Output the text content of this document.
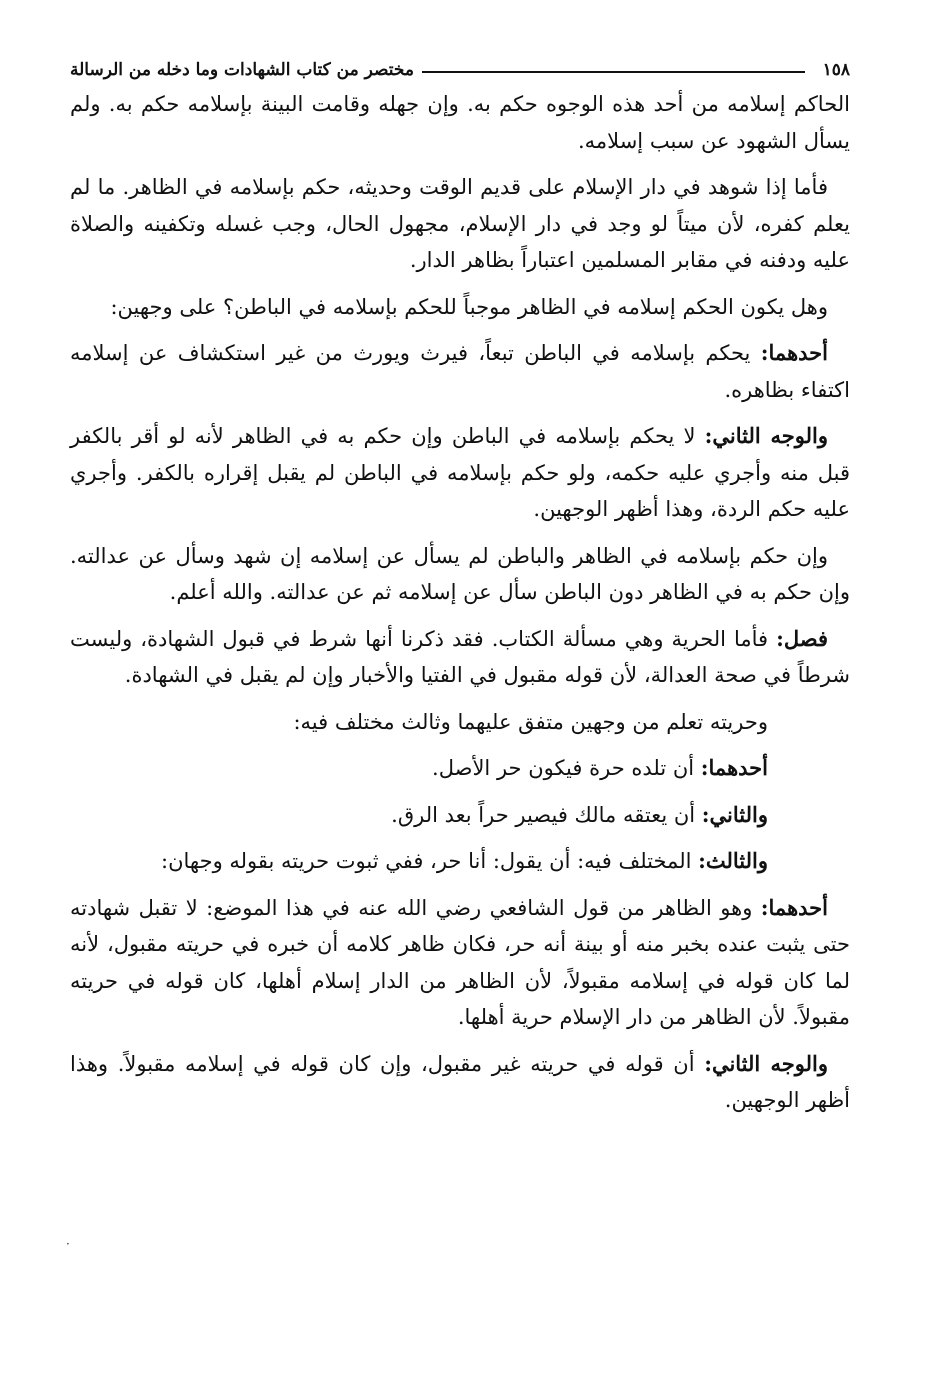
١٥٨
مختصر من كتاب الشهادات وما دخله من الرسالة

الحاكم إسلامه من أحد هذه الوجوه حكم به. وإن جهله وقامت البينة بإسلامه حكم به. ولم يسأل الشهود عن سبب إسلامه.

فأما إذا شوهد في دار الإسلام على قديم الوقت وحديثه، حكم بإسلامه في الظاهر. ما لم يعلم كفره، لأن ميتاً لو وجد في دار الإسلام، مجهول الحال، وجب غسله وتكفينه والصلاة عليه ودفنه في مقابر المسلمين اعتباراً بظاهر الدار.

وهل يكون الحكم إسلامه في الظاهر موجباً للحكم بإسلامه في الباطن؟ على وجهين:

أحدهما: يحكم بإسلامه في الباطن تبعاً، فيرث ويورث من غير استكشاف عن إسلامه اكتفاء بظاهره.

والوجه الثاني: لا يحكم بإسلامه في الباطن وإن حكم به في الظاهر لأنه لو أقر بالكفر قبل منه وأجري عليه حكمه، ولو حكم بإسلامه في الباطن لم يقبل إقراره بالكفر. وأجري عليه حكم الردة، وهذا أظهر الوجهين.

وإن حكم بإسلامه في الظاهر والباطن لم يسأل عن إسلامه إن شهد وسأل عن عدالته. وإن حكم به في الظاهر دون الباطن سأل عن إسلامه ثم عن عدالته. والله أعلم.

فصل: فأما الحرية وهي مسألة الكتاب. فقد ذكرنا أنها شرط في قبول الشهادة، وليست شرطاً في صحة العدالة، لأن قوله مقبول في الفتيا والأخبار وإن لم يقبل في الشهادة.

وحريته تعلم من وجهين متفق عليهما وثالث مختلف فيه:

أحدهما: أن تلده حرة فيكون حر الأصل.

والثاني: أن يعتقه مالك فيصير حراً بعد الرق.

والثالث: المختلف فيه: أن يقول: أنا حر، ففي ثبوت حريته بقوله وجهان:

أحدهما: وهو الظاهر من قول الشافعي رضي الله عنه في هذا الموضع: لا تقبل شهادته حتى يثبت عنده بخبر منه أو بينة أنه حر، فكان ظاهر كلامه أن خبره في حريته مقبول، لأنه لما كان قوله في إسلامه مقبولاً، لأن الظاهر من الدار إسلام أهلها، كان قوله في حريته مقبولاً. لأن الظاهر من دار الإسلام حرية أهلها.

والوجه الثاني: أن قوله في حريته غير مقبول، وإن كان قوله في إسلامه مقبولاً. وهذا أظهر الوجهين.

·
